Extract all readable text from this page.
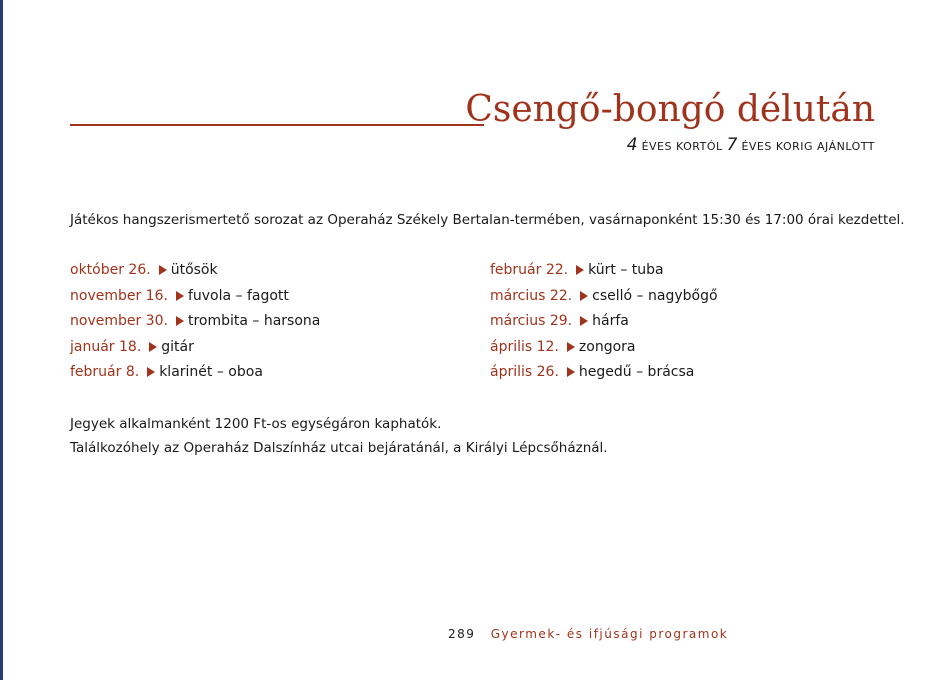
Csengő-bongó délután
4 ÉVES KORTÓL 7 ÉVES KORIG AJÁNLOTT

Játékos hangszerismertető sorozat az Operaház Székely Bertalan-termében, vasárnaponként 15:30 és 17:00 órai kezdettel.

október 26. ütősök
november 16. fuvola – fagott
november 30. trombita – harsona
január 18. gitár
február 8. klarinét – oboa
február 22. kürt – tuba
március 22. cselló – nagybőgő
március 29. hárfa
április 12. zongora
április 26. hegedű – brácsa
Jegyek alkalmanként 1200 Ft-os egységáron kaphatók.
Találkozóhely az Operaház Dalszínház utcai bejáratánál, a Királyi Lépcsőháznál.
289 Gyermek- és ifjúsági programok
